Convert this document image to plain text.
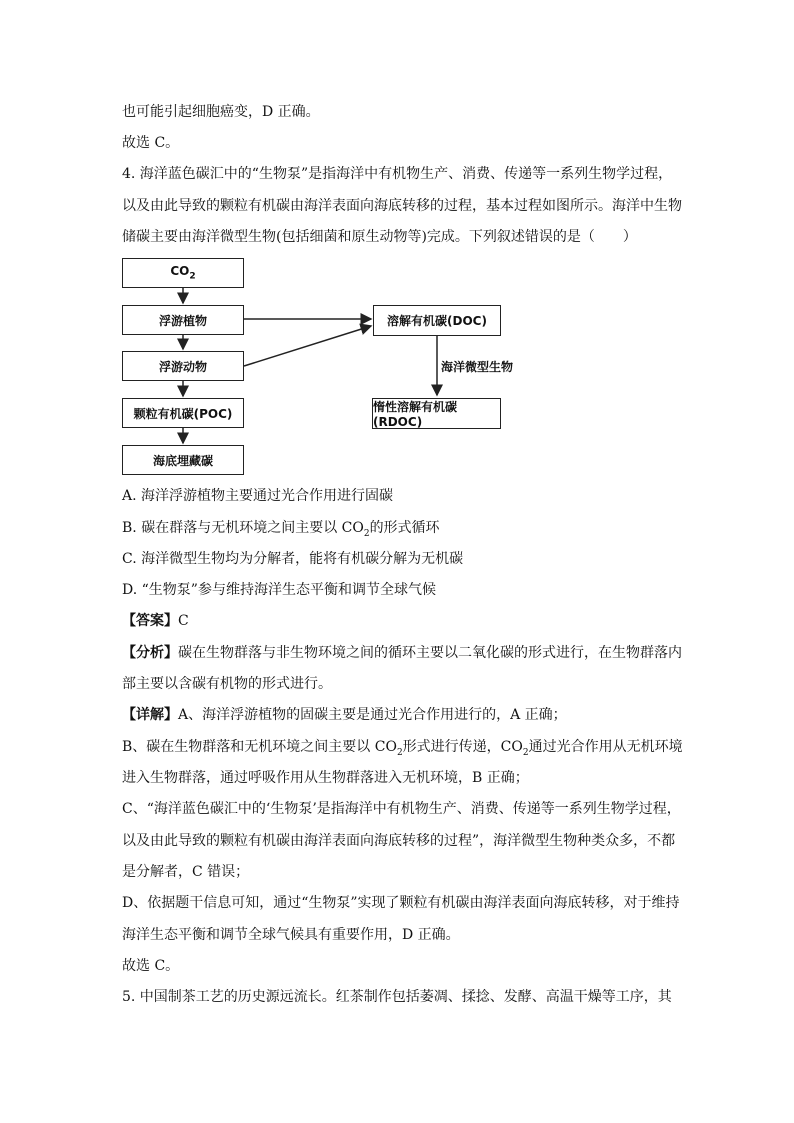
也可能引起细胞癌变，D 正确。
故选 C。
4. 海洋蓝色碳汇中的“生物泵”是指海洋中有机物生产、消费、传递等一系列生物学过程，
以及由此导致的颗粒有机碳由海洋表面向海底转移的过程，基本过程如图所示。海洋中生物
储碳主要由海洋微型生物(包括细菌和原生动物等)完成。下列叙述错误的是（　　）
$CO_2$
浮游植物
浮游动物
颗粒有机碳(POC)
海底埋藏碳
溶解有机碳(DOC)
海洋微型生物
惰性溶解有机碳(RDOC)
A. 海洋浮游植物主要通过光合作用进行固碳
B. 碳在群落与无机环境之间主要以 $CO_2$的形式循环
C. 海洋微型生物均为分解者，能将有机碳分解为无机碳
D. “生物泵”参与维持海洋生态平衡和调节全球气候
【答案】C
【分析】碳在生物群落与非生物环境之间的循环主要以二氧化碳的形式进行，在生物群落内
部主要以含碳有机物的形式进行。
【详解】A、海洋浮游植物的固碳主要是通过光合作用进行的，A 正确；
B、碳在生物群落和无机环境之间主要以 $CO_2$形式进行传递，$CO_2$通过光合作用从无机环境
进入生物群落，通过呼吸作用从生物群落进入无机环境，B 正确；
C、“海洋蓝色碳汇中的‘生物泵’是指海洋中有机物生产、消费、传递等一系列生物学过程，
以及由此导致的颗粒有机碳由海洋表面向海底转移的过程”，海洋微型生物种类众多，不都
是分解者，C 错误；
D、依据题干信息可知，通过“生物泵”实现了颗粒有机碳由海洋表面向海底转移，对于维持
海洋生态平衡和调节全球气候具有重要作用，D 正确。
故选 C。
5. 中国制茶工艺的历史源远流长。红茶制作包括萎凋、揉捻、发酵、高温干燥等工序，其
